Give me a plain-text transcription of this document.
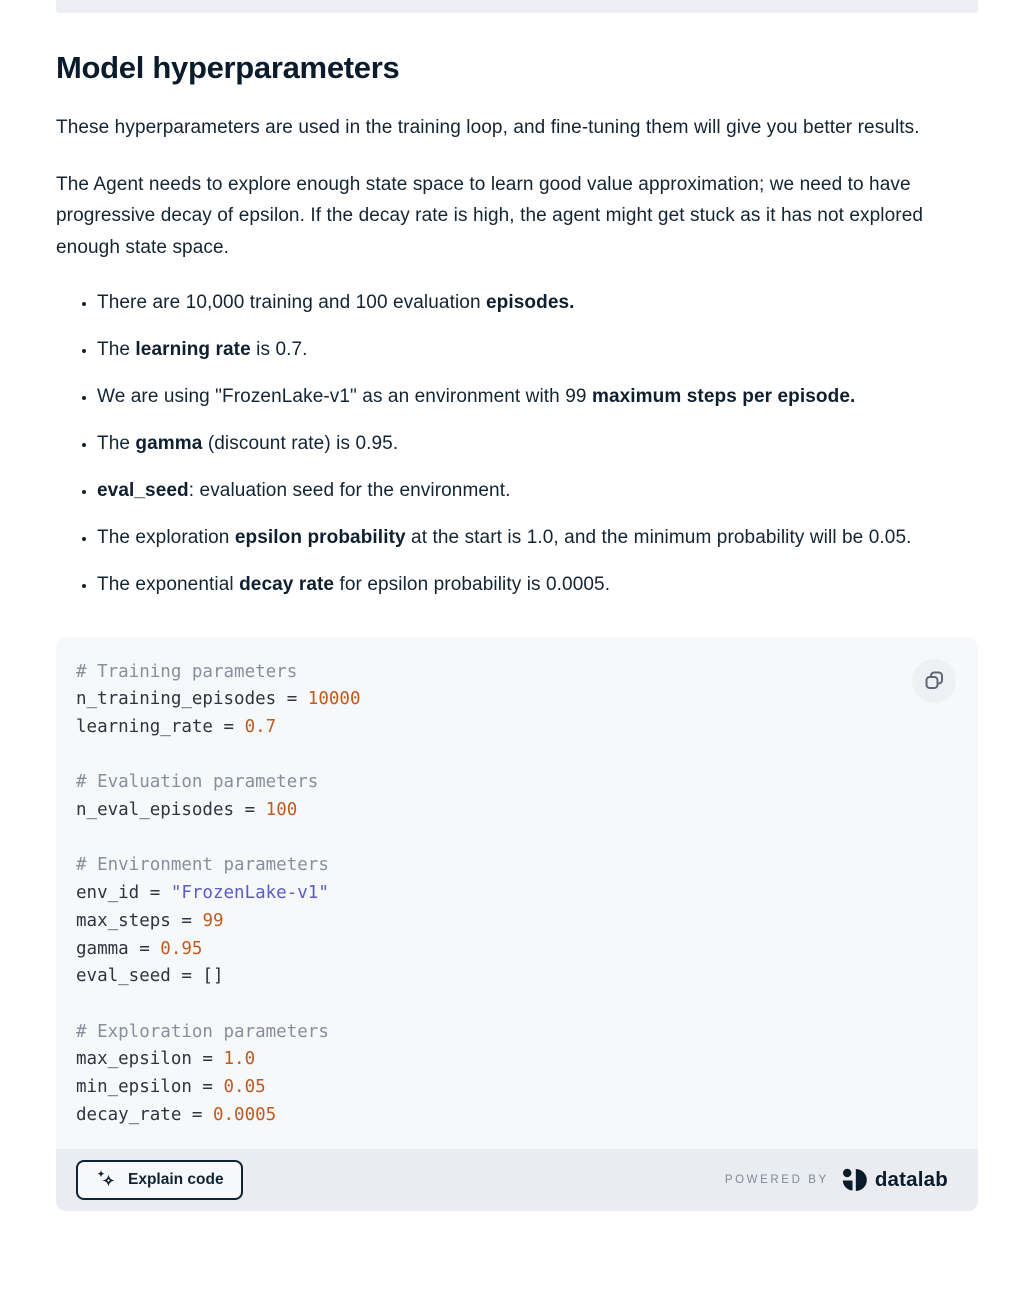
Model hyperparameters

These hyperparameters are used in the training loop, and fine-tuning them will give you better results.

The Agent needs to explore enough state space to learn good value approximation; we need to have progressive decay of epsilon. If the decay rate is high, the agent might get stuck as it has not explored enough state space.

• There are 10,000 training and 100 evaluation episodes.
• The learning rate is 0.7.
• We are using "FrozenLake-v1" as an environment with 99 maximum steps per episode.
• The gamma (discount rate) is 0.95.
• eval_seed: evaluation seed for the environment.
• The exploration epsilon probability at the start is 1.0, and the minimum probability will be 0.05.
• The exponential decay rate for epsilon probability is 0.0005.
# Training parameters
n_training_episodes = 10000
learning_rate = 0.7
# Evaluation parameters
n_eval_episodes = 100
# Environment parameters
env_id = "FrozenLake-v1"
max_steps = 99
gamma = 0.95
eval_seed = []
# Exploration parameters
max_epsilon = 1.0
min_epsilon = 0.05
decay_rate = 0.0005
Explain code	POWERED BY datalab
